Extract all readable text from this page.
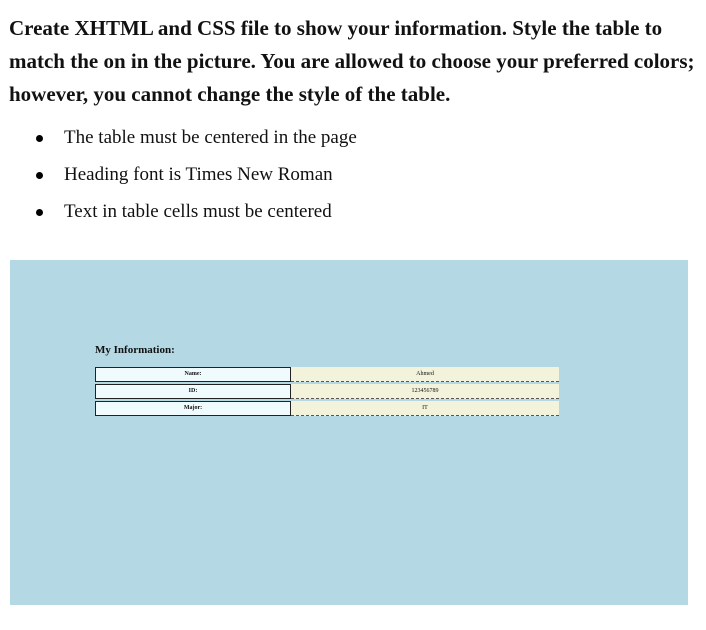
Create XHTML and CSS file to show your information. Style the table to match the on in the picture. You are allowed to choose your preferred colors; however, you cannot change the style of the table.

The table must be centered in the page
Heading font is Times New Roman
Text in table cells must be centered
My Information:
Name:	Ahmed
ID:	123456789
Major:	IT
